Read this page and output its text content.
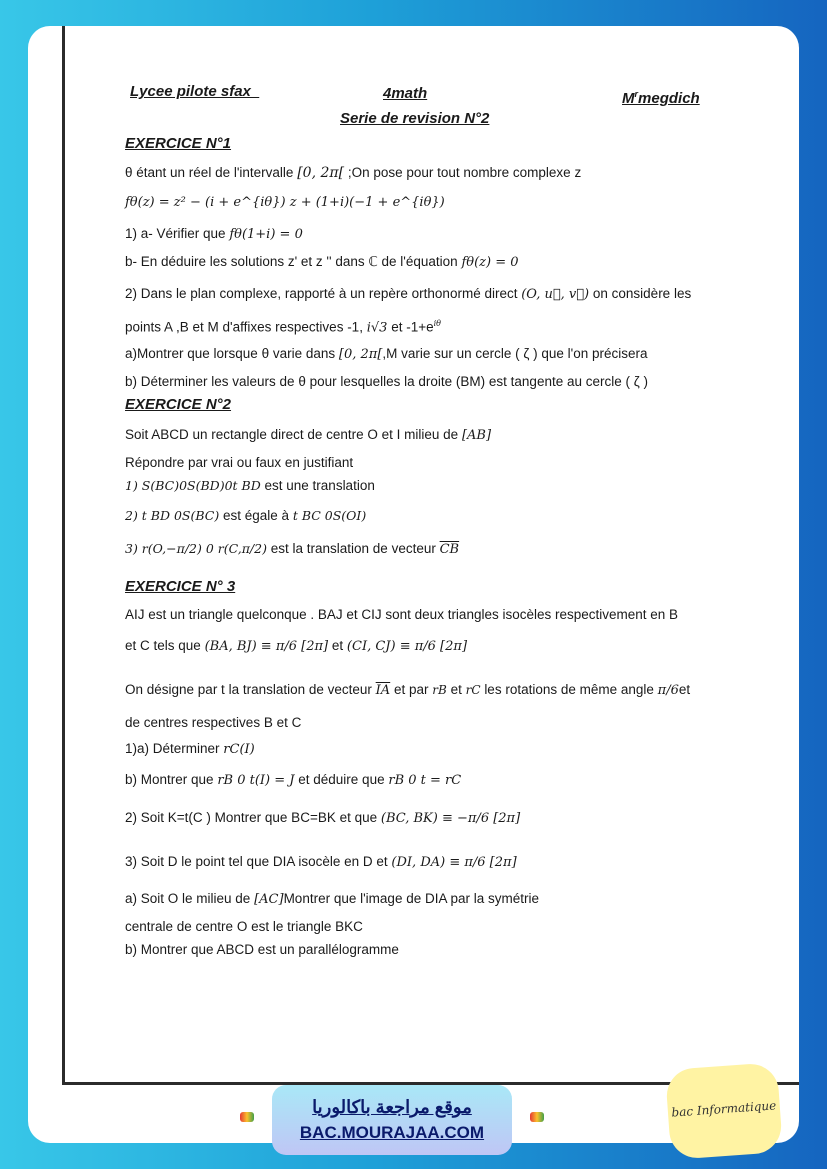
Lycee pilote sfax_	4math	$M^rmegdich$
Serie de revision N°2
EXERCICE N°1
θ étant un réel de l'intervalle [0, 2π[ ;On pose pour tout nombre complexe z
fθ(z) = z² − (i + e^{iθ}) z + (1+i)(−1 + e^{iθ})
1) a- Vérifier que fθ(1+i) = 0
b- En déduire les solutions z' et z '' dans ℂ de l'équation fθ(z) = 0
2) Dans le plan complexe, rapporté à un repère orthonormé direct (O, u⃗, v⃗) on considère les
points A ,B et M d'affixes respectives -1, i√3 et $-1+e^{i\theta}$
a)Montrer que lorsque θ varie dans [0, 2π[,M varie sur un cercle ( ζ ) que l'on précisera
b) Déterminer les valeurs de θ pour lesquelles la droite (BM) est tangente au cercle ( ζ )
EXERCICE N°2
Soit ABCD un rectangle direct de centre O et I milieu de [AB]
Répondre par vrai ou faux en justifiant
1) S(BC)0S(BD)0t BD est une translation
2) t BD 0S(BC) est égale à t BC 0S(OI)
3) r(O,−π/2) 0 r(C,π/2) est la translation de vecteur $\overline{CB}$
EXERCICE N° 3
AIJ est un triangle quelconque . BAJ et CIJ sont deux triangles isocèles respectivement en B
et C tels que (BA, BJ) ≡ π/6 [2π] et (CI, CJ) ≡ π/6 [2π]
On désigne par t la translation de vecteur $\overline{IA}$ et par rB et rC les rotations de même angle π/6et
de centres respectives B et C
1)a) Déterminer rC(I)
b) Montrer que rB 0 t(I) = J et déduire que rB 0 t = rC
2) Soit K=t(C ) Montrer que BC=BK et que (BC, BK) ≡ −π/6 [2π]
3) Soit D le point tel que DIA isocèle en D et (DI, DA) ≡ π/6 [2π]
a) Soit O le milieu de [AC]Montrer que l'image de DIA par la symétrie
centrale de centre O est le triangle BKC
b) Montrer que ABCD est un parallélogramme
موقع مراجعة باكالوريا
BAC.MOURAJAA.COM
bac Informatique
